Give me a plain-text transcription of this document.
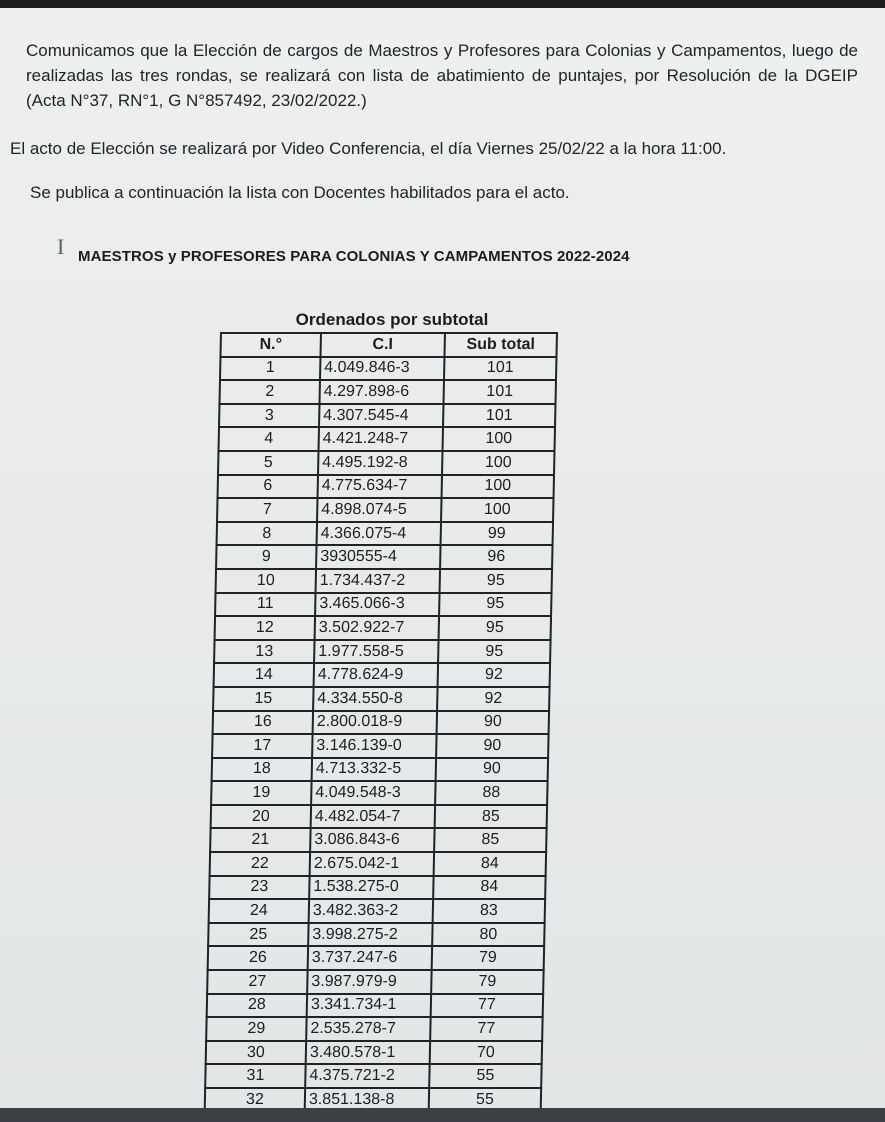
Comunicamos que la Elección de cargos de Maestros y Profesores para Colonias y Campamentos, luego de realizadas las tres rondas, se realizará con lista de abatimiento de puntajes, por Resolución de la DGEIP (Acta N°37, RN°1, G N°857492, 23/02/2022.)

El acto de Elección se realizará por Video Conferencia, el día Viernes 25/02/22 a la hora 11:00.

Se publica a continuación la lista con Docentes habilitados para el acto.

I MAESTROS y PROFESORES PARA COLONIAS Y CAMPAMENTOS 2022-2024
Ordenados por subtotal
N.°	C.I	Sub total
1	4.049.846-3	101
2	4.297.898-6	101
3	4.307.545-4	101
4	4.421.248-7	100
5	4.495.192-8	100
6	4.775.634-7	100
7	4.898.074-5	100
8	4.366.075-4	99
9	3930555-4	96
10	1.734.437-2	95
11	3.465.066-3	95
12	3.502.922-7	95
13	1.977.558-5	95
14	4.778.624-9	92
15	4.334.550-8	92
16	2.800.018-9	90
17	3.146.139-0	90
18	4.713.332-5	90
19	4.049.548-3	88
20	4.482.054-7	85
21	3.086.843-6	85
22	2.675.042-1	84
23	1.538.275-0	84
24	3.482.363-2	83
25	3.998.275-2	80
26	3.737.247-6	79
27	3.987.979-9	79
28	3.341.734-1	77
29	2.535.278-7	77
30	3.480.578-1	70
31	4.375.721-2	55
32	3.851.138-8	55
